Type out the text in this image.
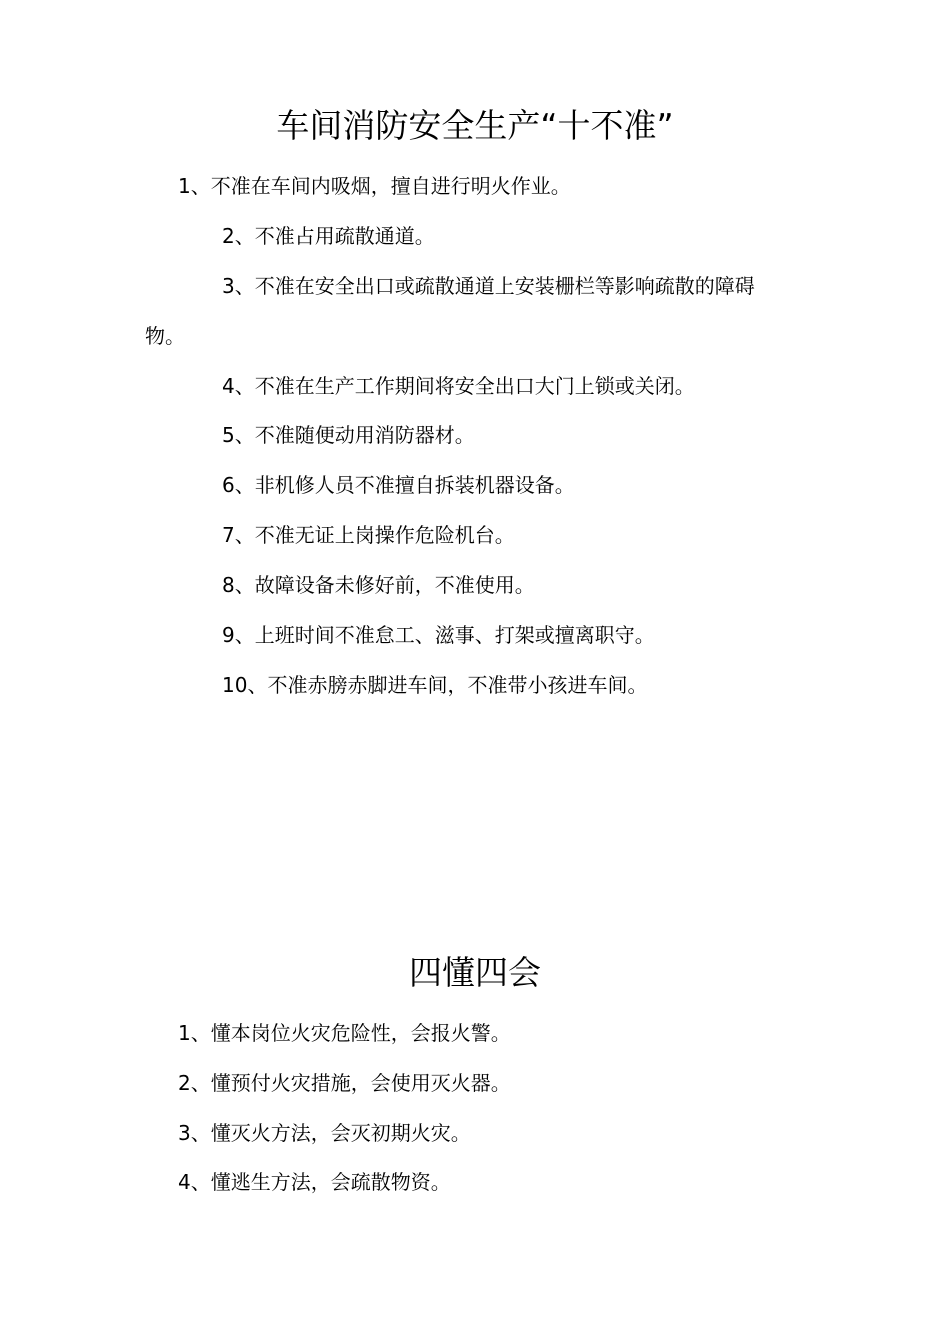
车间消防安全生产“十不准”

1、不准在车间内吸烟，擅自进行明火作业。

2、不准占用疏散通道。

3、不准在安全出口或疏散通道上安装栅栏等影响疏散的障碍

物。

4、不准在生产工作期间将安全出口大门上锁或关闭。

5、不准随便动用消防器材。

6、非机修人员不准擅自拆装机器设备。

7、不准无证上岗操作危险机台。

8、故障设备未修好前，不准使用。

9、上班时间不准怠工、滋事、打架或擅离职守。

10、不准赤膀赤脚进车间，不准带小孩进车间。

四懂四会

1、懂本岗位火灾危险性，会报火警。

2、懂预付火灾措施，会使用灭火器。

3、懂灭火方法，会灭初期火灾。

4、懂逃生方法，会疏散物资。
